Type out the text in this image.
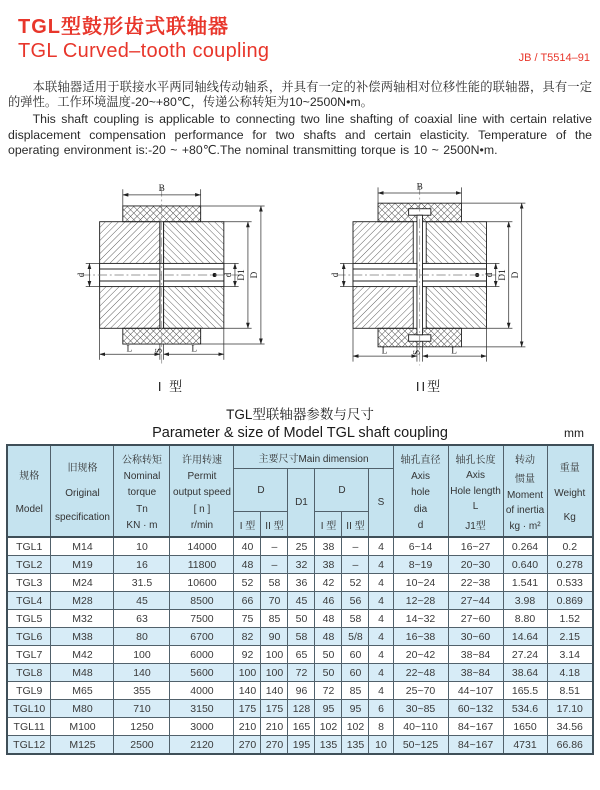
TGL型鼓形齿式联轴器
TGL Curved–tooth coupling	JB / T5514–91

本联轴器适用于联接水平两同轴线传动轴系，并具有一定的补偿两轴相对位移性能的联轴器，具有一定的弹性。工作环境温度-20~+80℃，传递公称转矩为10~2500N•m。

This shaft coupling is applicable to connecting two line shafting of coaxial line with certain relative displacement compensation performance for two shafts and certain elasticity. Temperature of the operating environment is:-20 ~ +80℃.The nominal transmitting torque is 10 ~ 2500N•m.

B
d	d D1 D
L S	L
I 型
B
d	d D1 D
L	S	L
II型
TGL型联轴器参数与尺寸
Parameter & size of Model TGL shaft coupling	mm
规格
Model

旧规格
Original
specification

公称转矩
Nominal
torque
Tn
KN · m

许用转速
Permit
output speed
[ n ]
r/min
	主要尺寸Main dimension	轴孔直径
Axis
hole
dia
d

轴孔长度
Axis
Hole length
L
J1型

转动
惯量
Moment
of inertia
kg · m²

重量
Weight
Kg

				D		D1	D		S				
				I 型	II 型		I 型	II 型					
TGL1	M14	10	14000	40	–	25	38	–	4	6~14	16~27	0.264	0.2
TGL2	M19	16	11800	48	–	32	38	–	4	8~19	20~30	0.640	0.278
TGL3	M24	31.5	10600	52	58	36	42	52	4	10~24	22~38	1.541	0.533
TGL4	M28	45	8500	66	70	45	46	56	4	12~28	27~44	3.98	0.869
TGL5	M32	63	7500	75	85	50	48	58	4	14~32	27~60	8.80	1.52
TGL6	M38	80	6700	82	90	58	48	5/8	4	16~38	30~60	14.64	2.15
TGL7	M42	100	6000	92	100	65	50	60	4	20~42	38~84	27.24	3.14
TGL8	M48	140	5600	100	100	72	50	60	4	22~48	38~84	38.64	4.18
TGL9	M65	355	4000	140	140	96	72	85	4	25~70	44~107	165.5	8.51
TGL10	M80	710	3150	175	175	128	95	95	6	30~85	60~132	534.6	17.10
TGL11	M100	1250	3000	210	210	165	102	102	8	40~110	84~167	1650	34.56
TGL12	M125	2500	2120	270	270	195	135	135	10	50~125	84~167	4731	66.86
